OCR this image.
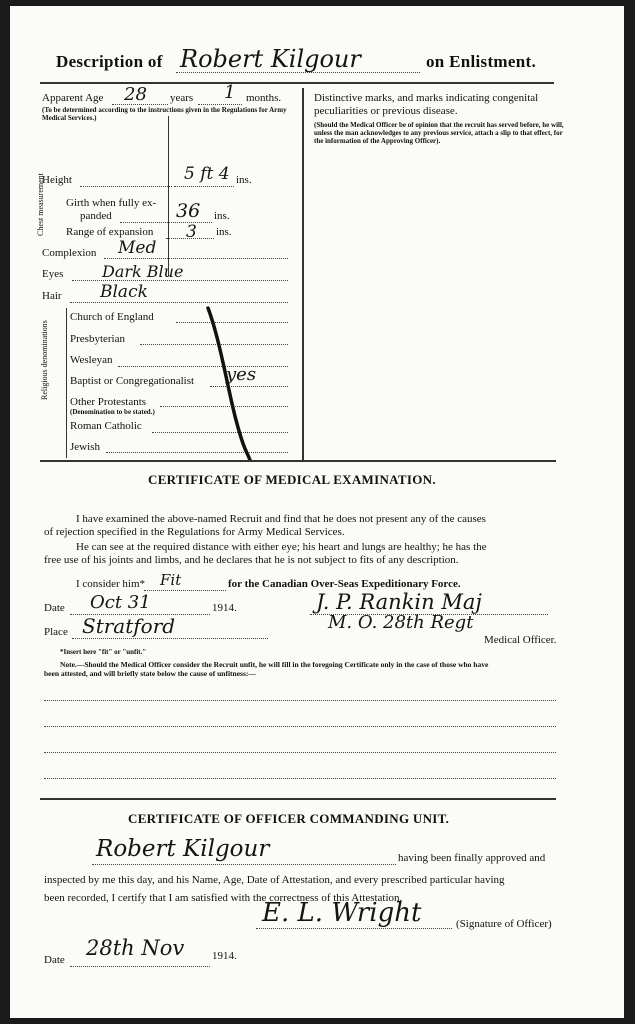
Description of Robert Kilgour	on Enlistment.
Apparent Age 28 years 1 months.
(To be determined according to the instructions given in the Regulations for Army Medical Services.)
Height	5 ft 4 ins.
Chest measurement Girth when fully ex-
panded	36 ins.
Range of expansion 3 ins.
Complexion Med
Eyes Dark Blue
Hair Black
Religious denominations
Church of England
Presbyterian
Wesleyan
Baptist or Congregationalist yes
Other Protestants
(Denomination to be stated.)
Roman Catholic
Jewish
Distinctive marks, and marks indicating congenital peculiarities or previous disease.
(Should the Medical Officer be of opinion that the recruit has served before, he will, unless the man acknowledges to any previous service, attach a slip to that effect, for the information of the Approving Officer).
CERTIFICATE OF MEDICAL EXAMINATION.
I have examined the above-named Recruit and find that he does not present any of the causes
of rejection specified in the Regulations for Army Medical Services.
He can see at the required distance with either eye; his heart and lungs are healthy; he has the
free use of his joints and limbs, and he declares that he is not subject to fits of any description.
I consider him* Fit	for the Canadian Over-Seas Expeditionary Force.
Date Oct 31	1914.
Place Stratford
J. P. Rankin Maj
M. O. 28th Regt
Medical Officer.
*Insert here "fit" or "unfit."
Note.—Should the Medical Officer consider the Recruit unfit, he will fill in the foregoing Certificate only in the case of those who have
been attested, and will briefly state below the cause of unfitness:—
CERTIFICATE OF OFFICER COMMANDING UNIT.
Robert Kilgour	having been finally approved and
inspected by me this day, and his Name, Age, Date of Attestation, and every prescribed particular having
been recorded, I certify that I am satisfied with the correctness of this Attestation.
E. L. Wright	(Signature of Officer)
Date 28th Nov	1914.
